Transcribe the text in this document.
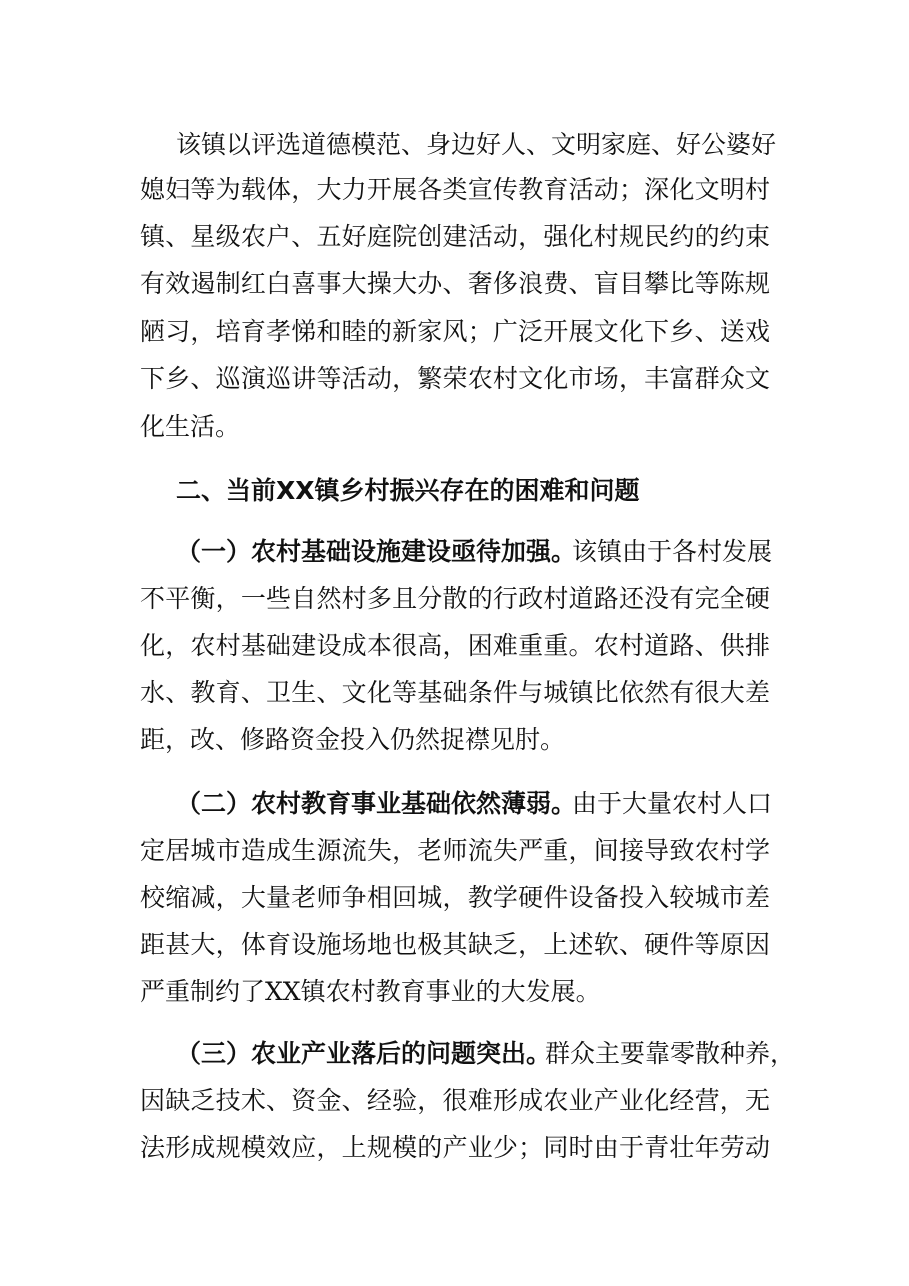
该镇以评选道德模范、身边好人、文明家庭、好公婆好
媳妇等为载体，大力开展各类宣传教育活动；深化文明村
镇、星级农户、五好庭院创建活动，强化村规民约的约束
有效遏制红白喜事大操大办、奢侈浪费、盲目攀比等陈规
陋习，培育孝悌和睦的新家风；广泛开展文化下乡、送戏
下乡、巡演巡讲等活动，繁荣农村文化市场，丰富群众文
化生活。
二、当前XX镇乡村振兴存在的困难和问题
（一）农村基础设施建设亟待加强。
该镇由于各村发展
不平衡，一些自然村多且分散的行政村道路还没有完全硬
化，农村基础建设成本很高，困难重重。农村道路、供排
水、教育、卫生、文化等基础条件与城镇比依然有很大差
距，改、修路资金投入仍然捉襟见肘。
（二）农村教育事业基础依然薄弱。
由于大量农村人口
定居城市造成生源流失，老师流失严重，间接导致农村学
校缩减，大量老师争相回城，教学硬件设备投入较城市差
距甚大，体育设施场地也极其缺乏，上述软、硬件等原因
严重制约了XX镇农村教育事业的大发展。
（三）农业产业落后的问题突出。
群众主要靠零散种养，
因缺乏技术、资金、经验，很难形成农业产业化经营，无
法形成规模效应，上规模的产业少；同时由于青壮年劳动
